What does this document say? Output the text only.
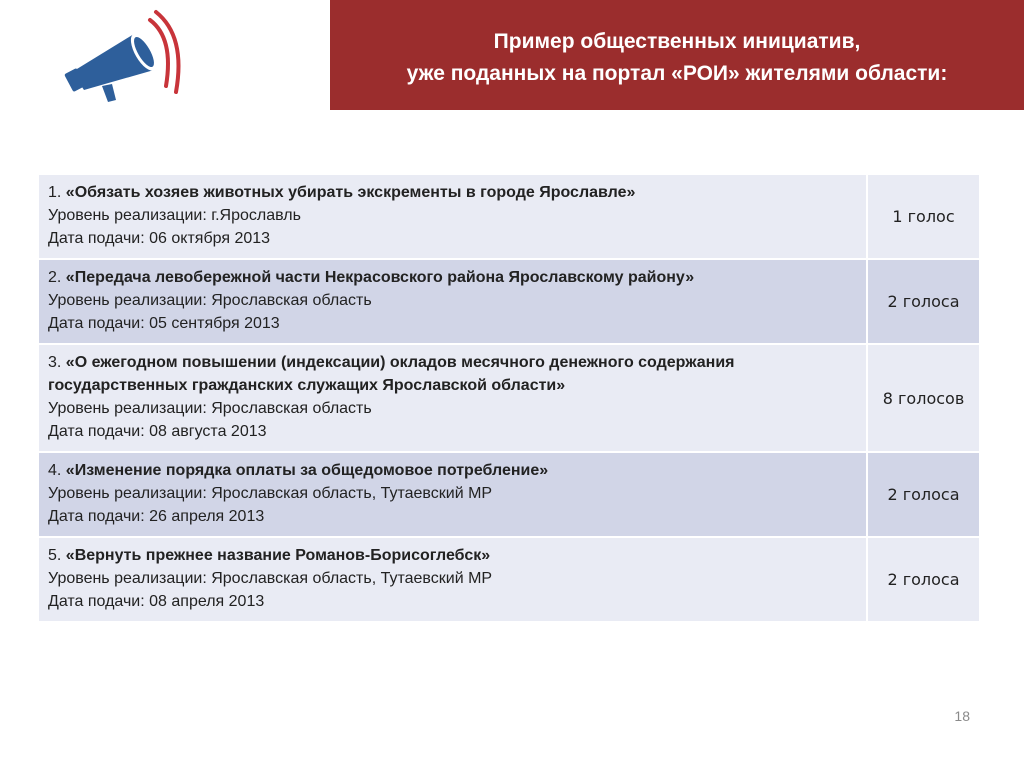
Пример общественных инициатив,
уже поданных на портал «РОИ» жителями области:
1. «Обязать хозяев животных убирать экскременты в городе Ярославле»
Уровень реализации: г.Ярославль
Дата подачи: 06 октября 2013	1 голос

2. «Передача левобережной части Некрасовского района Ярославскому району»
Уровень реализации: Ярославская область
Дата подачи: 05 сентября 2013	2 голоса

3. «О ежегодном повышении (индексации) окладов месячного денежного содержания государственных гражданских служащих Ярославской области»
Уровень реализации: Ярославская область
Дата подачи: 08 августа 2013	8 голосов

4. «Изменение порядка оплаты за общедомовое потребление»
Уровень реализации: Ярославская область, Тутаевский МР
Дата подачи: 26 апреля 2013	2 голоса

5. «Вернуть прежнее название Романов-Борисоглебск»
Уровень реализации: Ярославская область, Тутаевский МР
Дата подачи: 08 апреля 2013	2 голоса
18
